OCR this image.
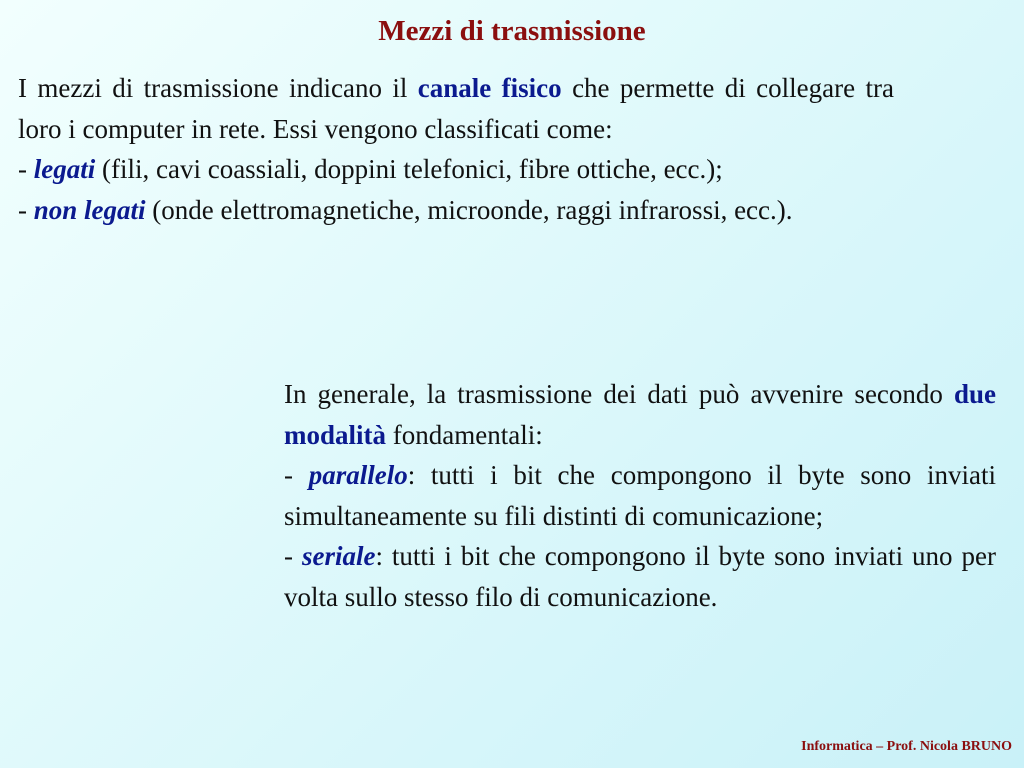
Mezzi di trasmissione

I mezzi di trasmissione indicano il canale fisico che permette di collegare tra loro i computer in rete. Essi vengono classificati come:

- legati (fili, cavi coassiali, doppini telefonici, fibre ottiche, ecc.);

- non legati (onde elettromagnetiche, microonde, raggi infrarossi, ecc.).

In generale, la trasmissione dei dati può avvenire secondo due modalità fondamentali:

- parallelo: tutti i bit che compongono il byte sono inviati simultaneamente su fili distinti di comunicazione;

- seriale: tutti i bit che compongono il byte sono inviati uno per volta sullo stesso filo di comunicazione.

Informatica – Prof. Nicola BRUNO
